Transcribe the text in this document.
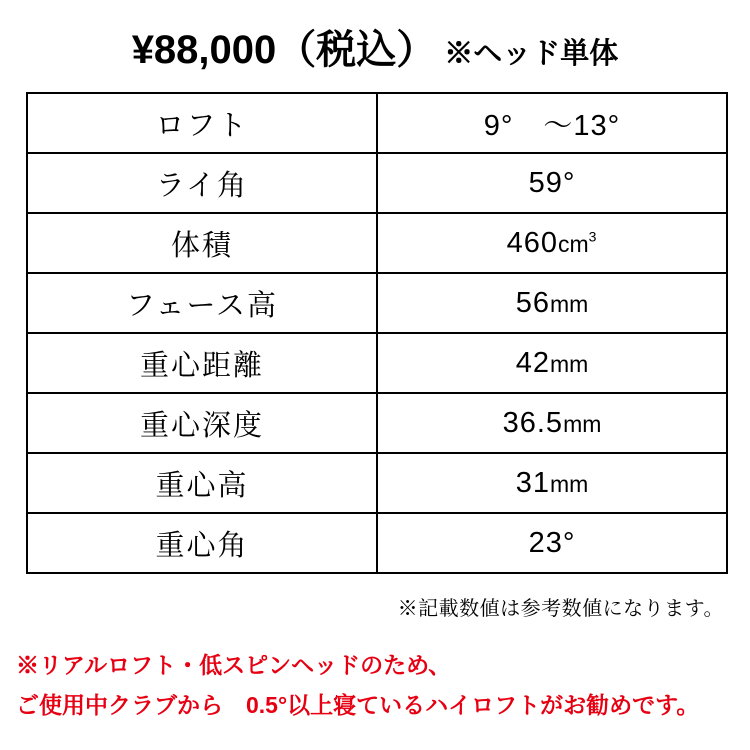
¥88,000 （税込） ※ヘッド単体
ロフト	9°　～13°
ライ角	59°
体積	$460cm^3$
フェース高	56mm
重心距離	42mm
重心深度	36.5mm
重心高	31mm
重心角	23°
※記載数値は参考数値になります。
※リアルロフト・低スピンヘッドのため、
ご使用中クラブから　0.5°以上寝ているハイロフトがお勧めです。
